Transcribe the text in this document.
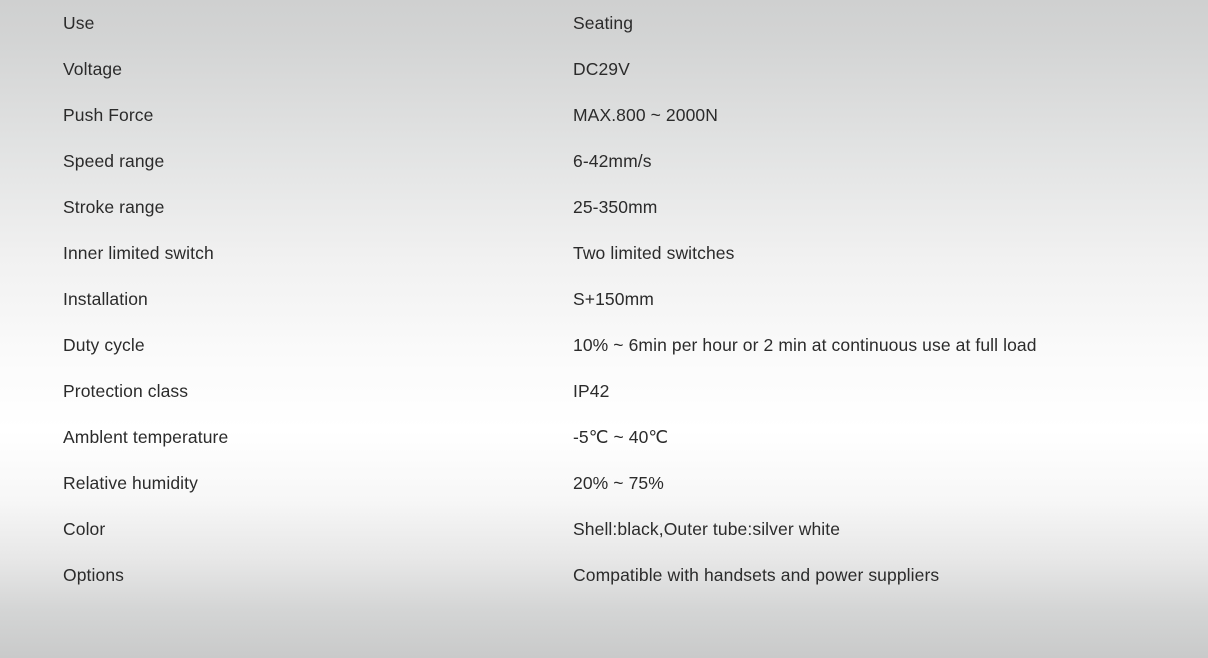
Use	Seating
Voltage	DC29V
Push Force	MAX.800 ~ 2000N
Speed range	6-42mm/s
Stroke range	25-350mm
Inner limited switch	Two limited switches
Installation	S+150mm
Duty cycle	10% ~ 6min per hour or 2 min at continuous use at full load
Protection class	IP42
Amblent temperature	-5℃ ~ 40℃
Relative humidity	20% ~ 75%
Color	Shell:black,Outer tube:silver white
Options	Compatible with handsets and power suppliers
